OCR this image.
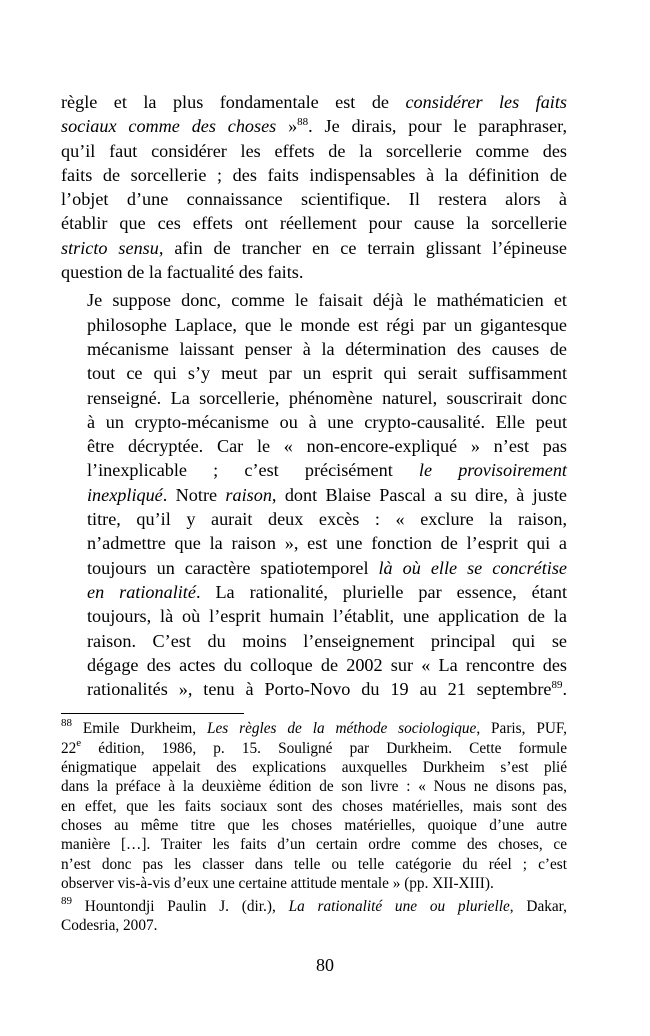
règle et la plus fondamentale est de considérer les faits
sociaux comme des choses »$^{88}$. Je dirais, pour le paraphraser,
qu’il faut considérer les effets de la sorcellerie comme des
faits de sorcellerie ; des faits indispensables à la définition de
l’objet d’une connaissance scientifique. Il restera alors à
établir que ces effets ont réellement pour cause la sorcellerie
stricto sensu, afin de trancher en ce terrain glissant l’épineuse
question de la factualité des faits.
Je suppose donc, comme le faisait déjà le mathématicien et
philosophe Laplace, que le monde est régi par un gigantesque
mécanisme laissant penser à la détermination des causes de
tout ce qui s’y meut par un esprit qui serait suffisamment
renseigné. La sorcellerie, phénomène naturel, souscrirait donc
à un crypto-mécanisme ou à une crypto-causalité. Elle peut
être décryptée. Car le « non-encore-expliqué » n’est pas
l’inexplicable ; c’est précisément le provisoirement
inexpliqué. Notre raison, dont Blaise Pascal a su dire, à juste
titre, qu’il y aurait deux excès : « exclure la raison,
n’admettre que la raison », est une fonction de l’esprit qui a
toujours un caractère spatiotemporel là où elle se concrétise
en rationalité. La rationalité, plurielle par essence, étant
toujours, là où l’esprit humain l’établit, une application de la
raison. C’est du moins l’enseignement principal qui se
dégage des actes du colloque de 2002 sur « La rencontre des
rationalités », tenu à Porto-Novo du 19 au 21 septembre$^{89}$.
$^{88}$ Emile Durkheim, Les règles de la méthode sociologique, Paris, PUF,
22e édition, 1986, p. 15. Souligné par Durkheim. Cette formule
énigmatique appelait des explications auxquelles Durkheim s’est plié
dans la préface à la deuxième édition de son livre : « Nous ne disons pas,
en effet, que les faits sociaux sont des choses matérielles, mais sont des
choses au même titre que les choses matérielles, quoique d’une autre
manière […]. Traiter les faits d’un certain ordre comme des choses, ce
n’est donc pas les classer dans telle ou telle catégorie du réel ; c’est
observer vis-à-vis d’eux une certaine attitude mentale » (pp. XII-XIII).
$^{89}$ Hountondji Paulin J. (dir.), La rationalité une ou plurielle, Dakar,
Codesria, 2007.
80
